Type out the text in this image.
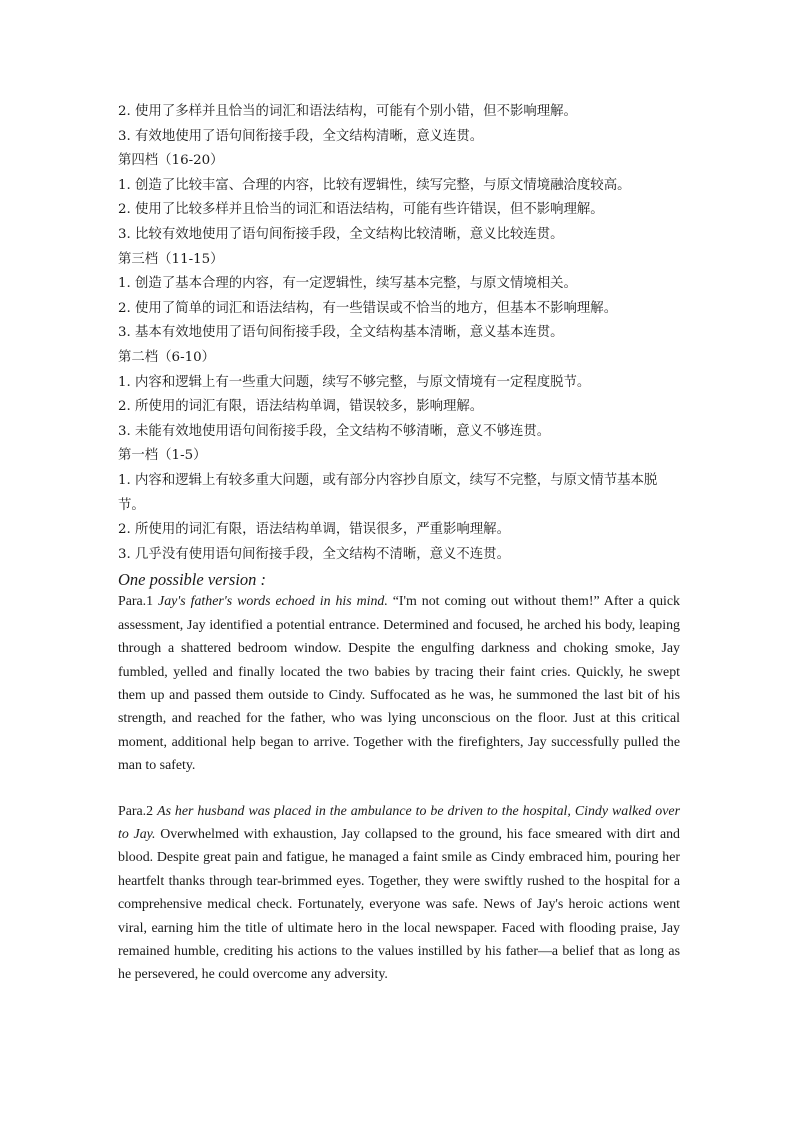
2. 使用了多样并且恰当的词汇和语法结构，可能有个别小错，但不影响理解。

3. 有效地使用了语句间衔接手段，全文结构清晰，意义连贯。

第四档（16-20）

1. 创造了比较丰富、合理的内容，比较有逻辑性，续写完整，与原文情境融洽度较高。

2. 使用了比较多样并且恰当的词汇和语法结构，可能有些许错误，但不影响理解。

3. 比较有效地使用了语句间衔接手段，全文结构比较清晰，意义比较连贯。

第三档（11-15）

1. 创造了基本合理的内容，有一定逻辑性，续写基本完整，与原文情境相关。

2. 使用了简单的词汇和语法结构，有一些错误或不恰当的地方，但基本不影响理解。

3. 基本有效地使用了语句间衔接手段，全文结构基本清晰，意义基本连贯。

第二档（6-10）

1. 内容和逻辑上有一些重大问题，续写不够完整，与原文情境有一定程度脱节。

2. 所使用的词汇有限，语法结构单调，错误较多，影响理解。

3. 未能有效地使用语句间衔接手段，全文结构不够清晰，意义不够连贯。

第一档（1-5）

1. 内容和逻辑上有较多重大问题，或有部分内容抄自原文，续写不完整，与原文情节基本脱节。

2. 所使用的词汇有限，语法结构单调，错误很多，严重影响理解。

3. 几乎没有使用语句间衔接手段，全文结构不清晰，意义不连贯。

One possible version :

Para.1 Jay's father's words echoed in his mind. “I'm not coming out without them!” After a quick assessment, Jay identified a potential entrance. Determined and focused, he arched his body, leaping through a shattered bedroom window. Despite the engulfing darkness and choking smoke, Jay fumbled, yelled and finally located the two babies by tracing their faint cries. Quickly, he swept them up and passed them outside to Cindy. Suffocated as he was, he summoned the last bit of his strength, and reached for the father, who was lying unconscious on the floor. Just at this critical moment, additional help began to arrive. Together with the firefighters, Jay successfully pulled the man to safety.

Para.2 As her husband was placed in the ambulance to be driven to the hospital, Cindy walked over to Jay. Overwhelmed with exhaustion, Jay collapsed to the ground, his face smeared with dirt and blood. Despite great pain and fatigue, he managed a faint smile as Cindy embraced him, pouring her heartfelt thanks through tear-brimmed eyes. Together, they were swiftly rushed to the hospital for a comprehensive medical check. Fortunately, everyone was safe. News of Jay's heroic actions went viral, earning him the title of ultimate hero in the local newspaper. Faced with flooding praise, Jay remained humble, crediting his actions to the values instilled by his father—a belief that as long as he persevered, he could overcome any adversity.
